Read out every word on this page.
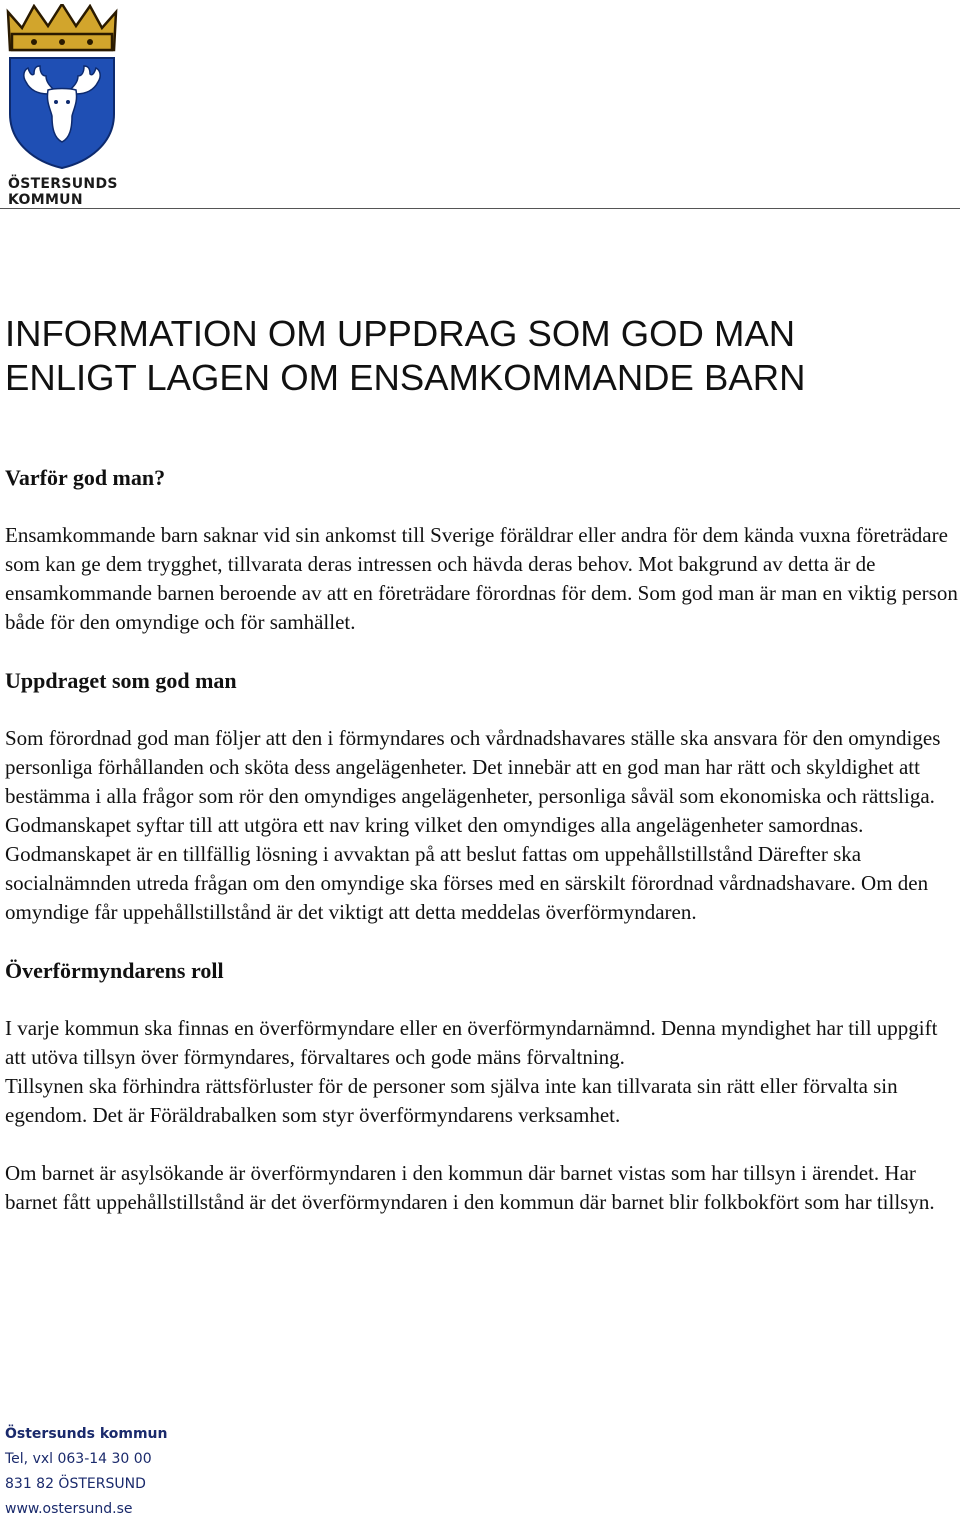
ÖSTERSUNDS
KOMMUN
INFORMATION OM UPPDRAG SOM GOD MAN
ENLIGT LAGEN OM ENSAMKOMMANDE BARN
Varför god man?

Ensamkommande barn saknar vid sin ankomst till Sverige föräldrar eller andra för dem kända vuxna företrädare som kan ge dem trygghet, tillvarata deras intressen och hävda deras behov. Mot bakgrund av detta är de ensamkommande barnen beroende av att en företrädare förordnas för dem. Som god man är man en viktig person både för den omyndige och för samhället.

Uppdraget som god man

Som förordnad god man följer att den i förmyndares och vårdnadshavares ställe ska ansvara för den omyndiges personliga förhållanden och sköta dess angelägenheter. Det innebär att en god man har rätt och skyldighet att bestämma i alla frågor som rör den omyndiges angelägenheter, personliga såväl som ekonomiska och rättsliga. Godmanskapet syftar till att utgöra ett nav kring vilket den omyndiges alla angelägenheter samordnas.

Godmanskapet är en tillfällig lösning i avvaktan på att beslut fattas om uppehållstillstånd Därefter ska socialnämnden utreda frågan om den omyndige ska förses med en särskilt förordnad vårdnadshavare. Om den omyndige får uppehållstillstånd är det viktigt att detta meddelas överförmyndaren.

Överförmyndarens roll

I varje kommun ska finnas en överförmyndare eller en överförmyndarnämnd. Denna myndighet har till uppgift att utöva tillsyn över förmyndares, förvaltares och gode mäns förvaltning.

Tillsynen ska förhindra rättsförluster för de personer som själva inte kan tillvarata sin rätt eller förvalta sin egendom. Det är Föräldrabalken som styr överförmyndarens verksamhet.

Om barnet är asylsökande är överförmyndaren i den kommun där barnet vistas som har tillsyn i ärendet. Har barnet fått uppehållstillstånd är det överförmyndaren i den kommun där barnet blir folkbokfört som har tillsyn.

Östersunds kommun
Tel, vxl 063-14 30 00
831 82 ÖSTERSUND
www.ostersund.se
